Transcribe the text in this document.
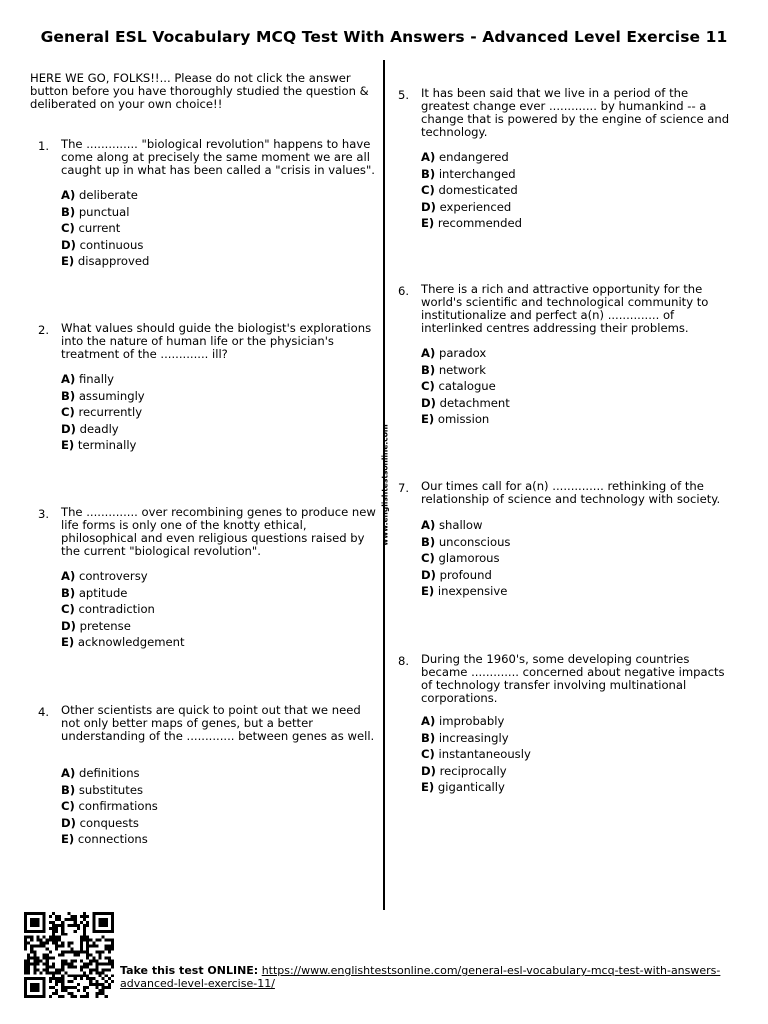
General ESL Vocabulary MCQ Test With Answers - Advanced Level Exercise 11
HERE WE GO, FOLKS!!... Please do not click the answer button before you have thoroughly studied the question & deliberated on your own choice!!
www.englishtestsonline.com
1. The .............. "biological revolution" happens to have come along at precisely the same moment we are all caught up in what has been called a "crisis in values".
A) deliberate
B) punctual
C) current
D) continuous
E) disapproved
2. What values should guide the biologist's explorations into the nature of human life or the physician's treatment of the ............. ill?
A) finally
B) assumingly
C) recurrently
D) deadly
E) terminally
3. The .............. over recombining genes to produce new life forms is only one of the knotty ethical, philosophical and even religious questions raised by the current "biological revolution".
A) controversy
B) aptitude
C) contradiction
D) pretense
E) acknowledgement
4. Other scientists are quick to point out that we need not only better maps of genes, but a better understanding of the ............. between genes as well.
A) definitions
B) substitutes
C) confirmations
D) conquests
E) connections
5. It has been said that we live in a period of the greatest change ever ............. by humankind -- a change that is powered by the engine of science and technology.
A) endangered
B) interchanged
C) domesticated
D) experienced
E) recommended
6. There is a rich and attractive opportunity for the world's scientific and technological community to institutionalize and perfect a(n) .............. of interlinked centres addressing their problems.
A) paradox
B) network
C) catalogue
D) detachment
E) omission
7. Our times call for a(n) .............. rethinking of the relationship of science and technology with society.
A) shallow
B) unconscious
C) glamorous
D) profound
E) inexpensive
8. During the 1960's, some developing countries became ............. concerned about negative impacts of technology transfer involving multinational corporations.
A) improbably
B) increasingly
C) instantaneously
D) reciprocally
E) gigantically
Take this test ONLINE: https://www.englishtestsonline.com/general-esl-vocabulary-mcq-test-with-answers-advanced-level-exercise-11/
